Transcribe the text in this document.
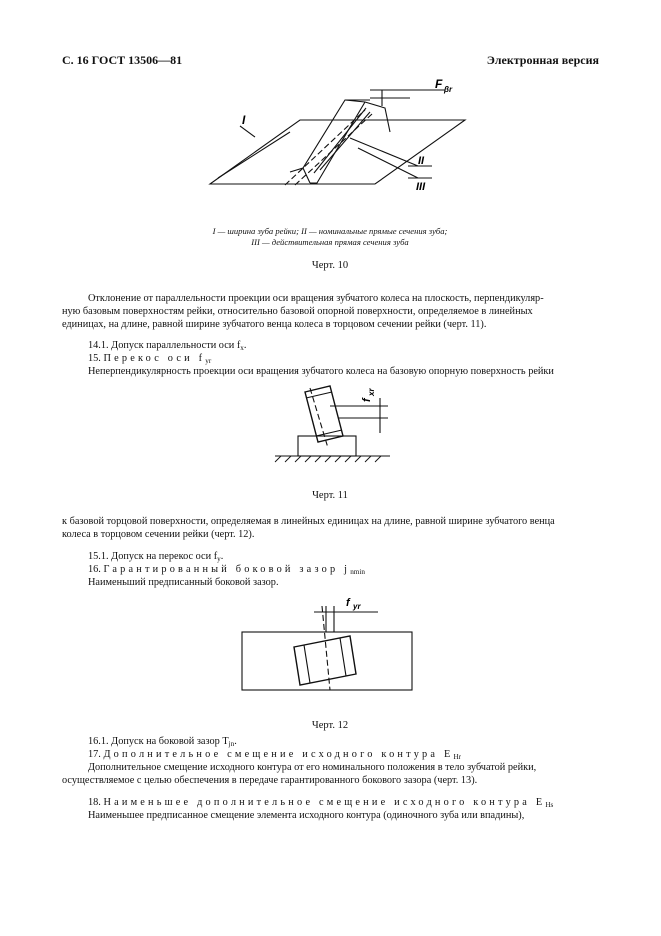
С. 16 ГОСТ 13506—81	Электронная версия
F βr
I
II
III
I — ширина зуба рейки; II — номинальные прямые сечения зуба;
III — действительная прямая сечения зуба
Черт. 10
Отклонение от параллельности проекции оси вращения зубчатого колеса на плоскость, перпендикуляр-
ную базовым поверхностям рейки, относительно базовой опорной поверхности, определяемое в линейных
единицах, на длине, равной ширине зубчатого венца колеса в торцовом сечении рейки (черт. 11).
14.1. Допуск параллельности оси $f_x$.
15. Перекос оси $f_{yr}$
Неперпендикулярность проекции оси вращения зубчатого колеса на базовую опорную поверхность рейки
f
xr
Черт. 11
к базовой торцовой поверхности, определяемая в линейных единицах на длине, равной ширине зубчатого венца
колеса в торцовом сечении рейки (черт. 12).
15.1. Допуск на перекос оси $f_y$.
16. Гарантированный боковой зазор $j_{nmin}$
Наименьший предписанный боковой зазор.
f yr
Черт. 12
16.1. Допуск на боковой зазор $T_{jn}$.
17. Дополнительное смещение исходного контура $E_{Hr}$
Дополнительное смещение исходного контура от его номинального положения в тело зубчатой рейки,
осуществляемое с целью обеспечения в передаче гарантированного бокового зазора (черт. 13).
18. Наименьшее дополнительное смещение исходного контура $E_{Hs}$
Наименьшее предписанное смещение элемента исходного контура (одиночного зуба или впадины),
